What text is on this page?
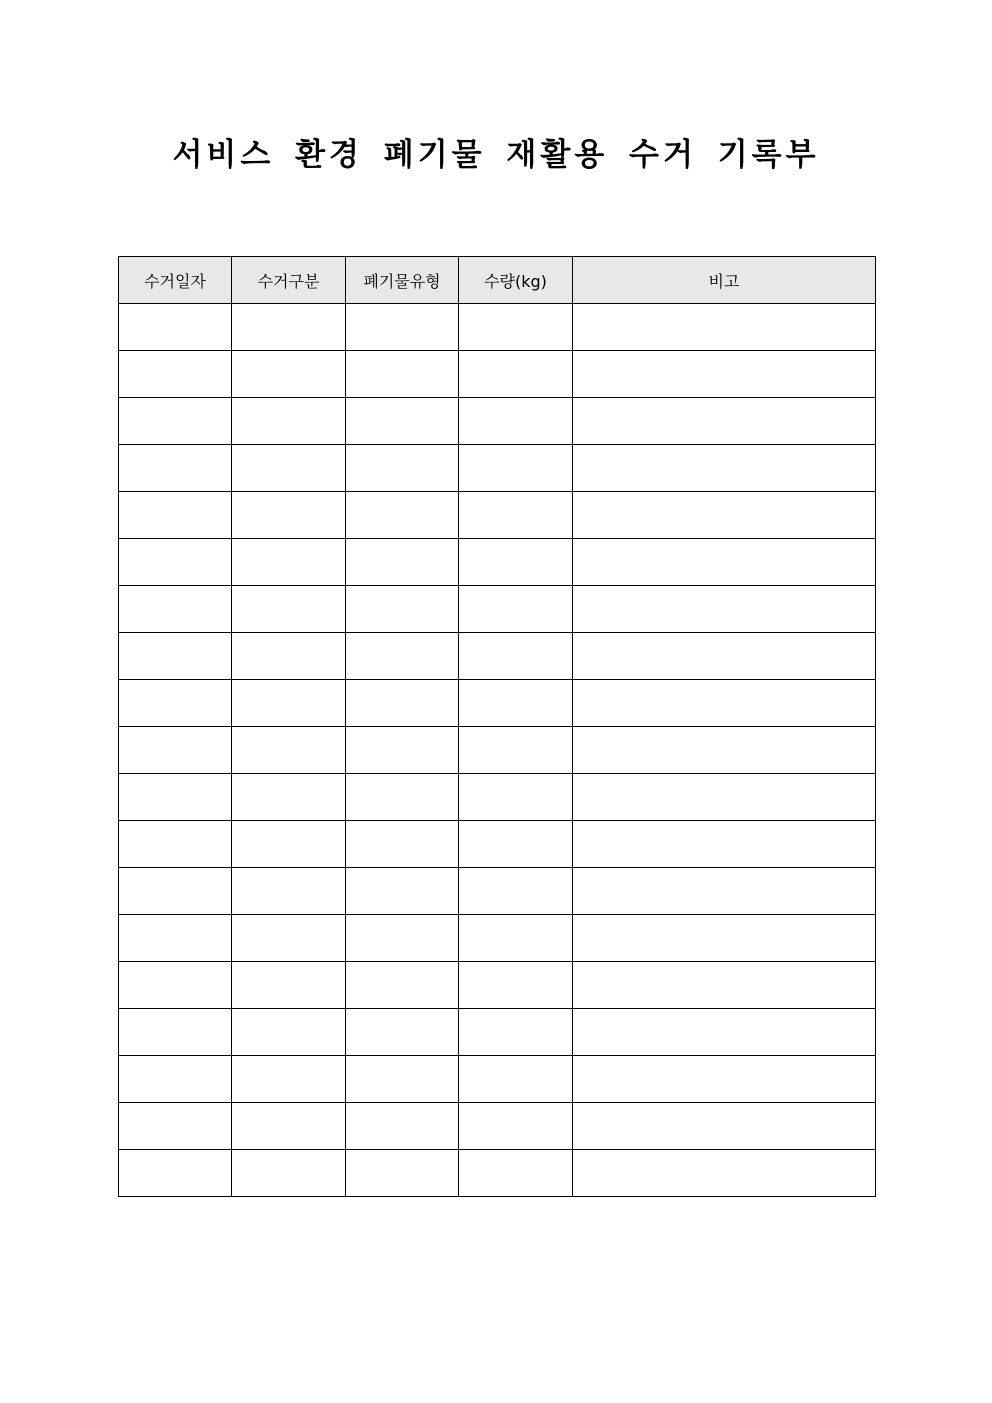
서비스 환경 폐기물 재활용 수거 기록부
수거일자	수거구분	폐기물유형	수량(kg)	비고
